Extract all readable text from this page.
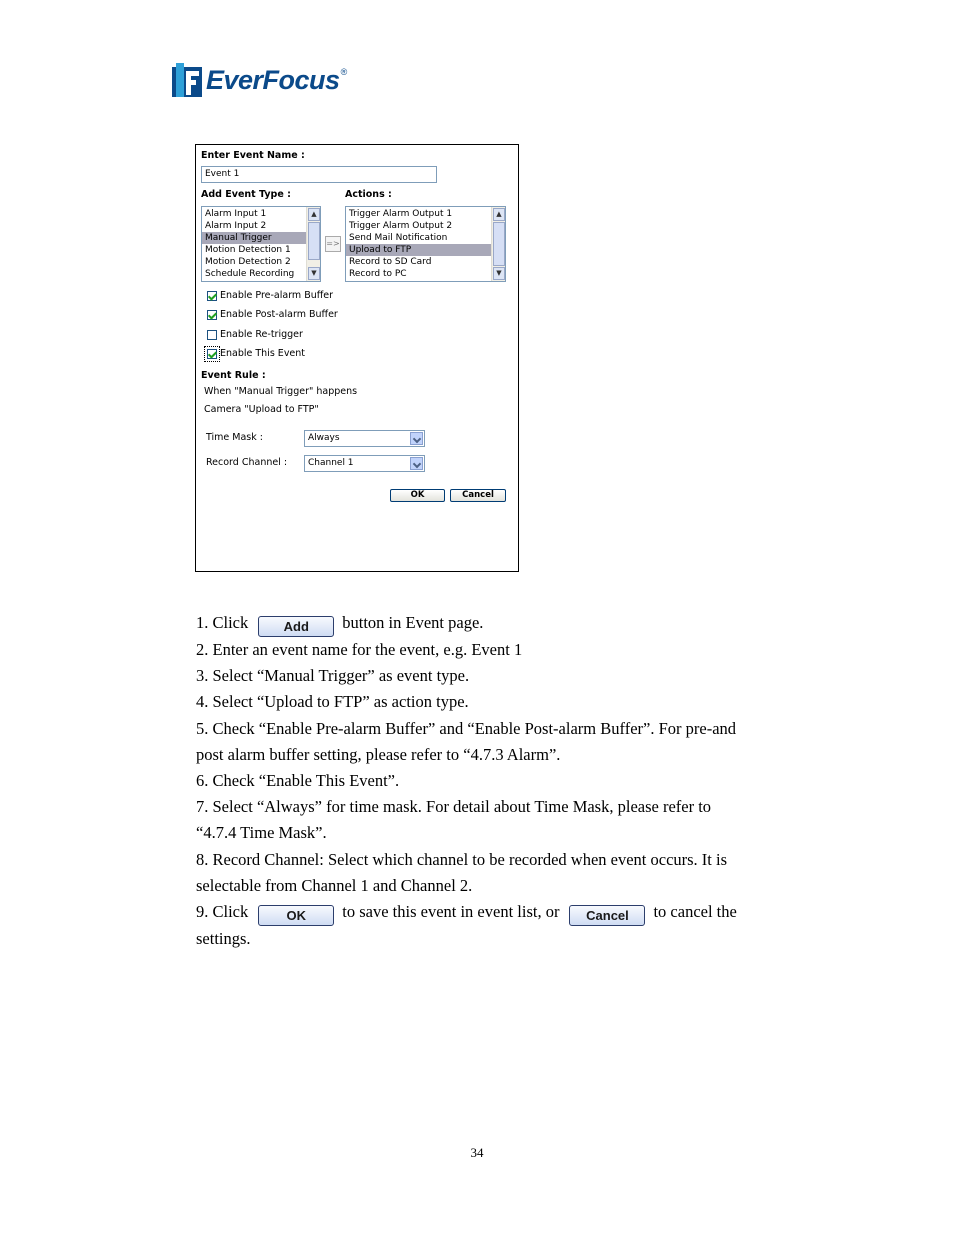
EverFocus ®
Enter Event Name :
Event 1
Add Event Type :	Actions :
Alarm Input 1
Alarm Input 2
Manual Trigger
Motion Detection 1
Motion Detection 2
Schedule Recording
▲
▼
=>
Trigger Alarm Output 1
Trigger Alarm Output 2
Send Mail Notification
Upload to FTP
Record to SD Card
Record to PC
▲
▼
Enable Pre-alarm Buffer
Enable Post-alarm Buffer
Enable Re-trigger
Enable This Event
Event Rule :
When "Manual Trigger" happens
Camera "Upload to FTP"
Time Mask :	Always
Record Channel :	Channel 1
OK	Cancel

1. Click	Add button in Event page.

2. Enter an event name for the event, e.g. Event 1

3. Select “Manual Trigger” as event type.

4. Select “Upload to FTP” as action type.

5. Check “Enable Pre-alarm Buffer” and “Enable Post-alarm Buffer”. For pre-and

post alarm buffer setting, please refer to “4.7.3 Alarm”.

6. Check “Enable This Event”.

7. Select “Always” for time mask. For detail about Time Mask, please refer to

“4.7.4 Time Mask”.

8. Record Channel: Select which channel to be recorded when event occurs. It is

selectable from Channel 1 and Channel 2.

9. Click	OK to save this event in event list, or Cancel to cancel the

settings.

34
